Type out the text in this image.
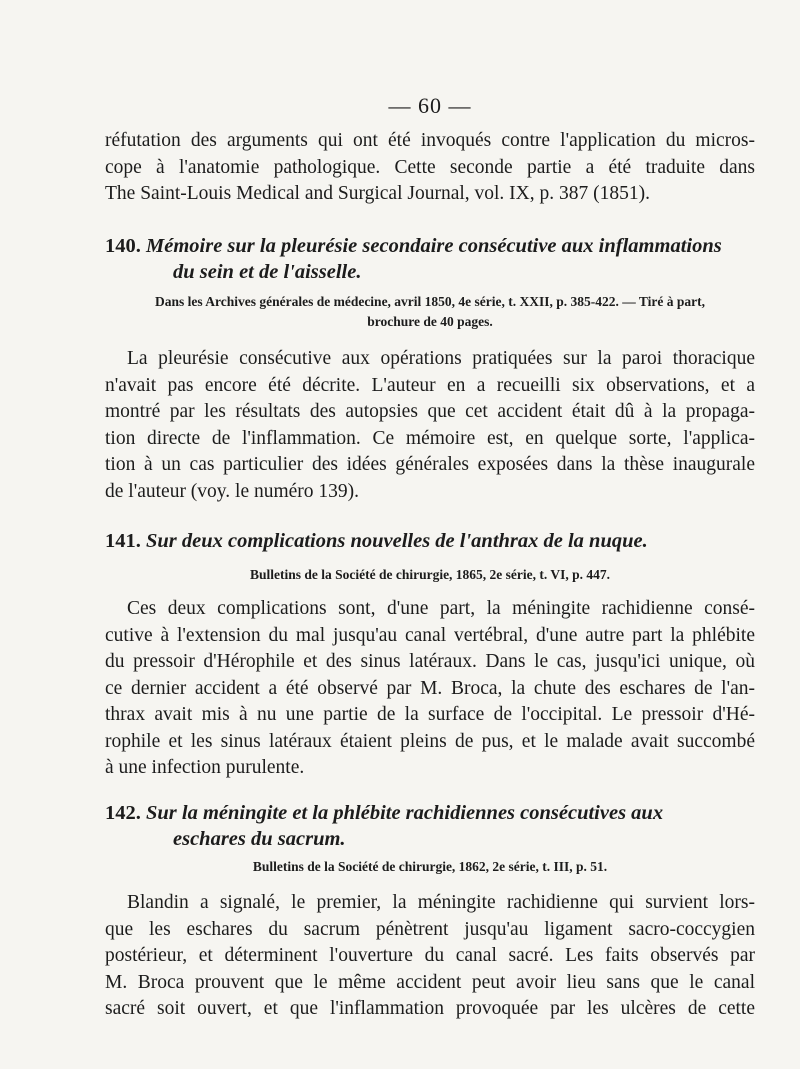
— 60 —
réfutation des arguments qui ont été invoqués contre l'application du micros-
cope à l'anatomie pathologique. Cette seconde partie a été traduite dans
The Saint-Louis Medical and Surgical Journal, vol. IX, p. 387 (1851).
140. Mémoire sur la pleurésie secondaire consécutive aux inflammations
du sein et de l'aisselle.
Dans les Archives générales de médecine, avril 1850, 4e série, t. XXII, p. 385-422. — Tiré à part,
brochure de 40 pages.
La pleurésie consécutive aux opérations pratiquées sur la paroi thoracique
n'avait pas encore été décrite. L'auteur en a recueilli six observations, et a
montré par les résultats des autopsies que cet accident était dû à la propaga-
tion directe de l'inflammation. Ce mémoire est, en quelque sorte, l'applica-
tion à un cas particulier des idées générales exposées dans la thèse inaugurale
de l'auteur (voy. le numéro 139).
141. Sur deux complications nouvelles de l'anthrax de la nuque.
Bulletins de la Société de chirurgie, 1865, 2e série, t. VI, p. 447.
Ces deux complications sont, d'une part, la méningite rachidienne consé-
cutive à l'extension du mal jusqu'au canal vertébral, d'une autre part la phlébite
du pressoir d'Hérophile et des sinus latéraux. Dans le cas, jusqu'ici unique, où
ce dernier accident a été observé par M. Broca, la chute des eschares de l'an-
thrax avait mis à nu une partie de la surface de l'occipital. Le pressoir d'Hé-
rophile et les sinus latéraux étaient pleins de pus, et le malade avait succombé
à une infection purulente.
142. Sur la méningite et la phlébite rachidiennes consécutives aux
eschares du sacrum.
Bulletins de la Société de chirurgie, 1862, 2e série, t. III, p. 51.
Blandin a signalé, le premier, la méningite rachidienne qui survient lors-
que les eschares du sacrum pénètrent jusqu'au ligament sacro-coccygien
postérieur, et déterminent l'ouverture du canal sacré. Les faits observés par
M. Broca prouvent que le même accident peut avoir lieu sans que le canal
sacré soit ouvert, et que l'inflammation provoquée par les ulcères de cette
